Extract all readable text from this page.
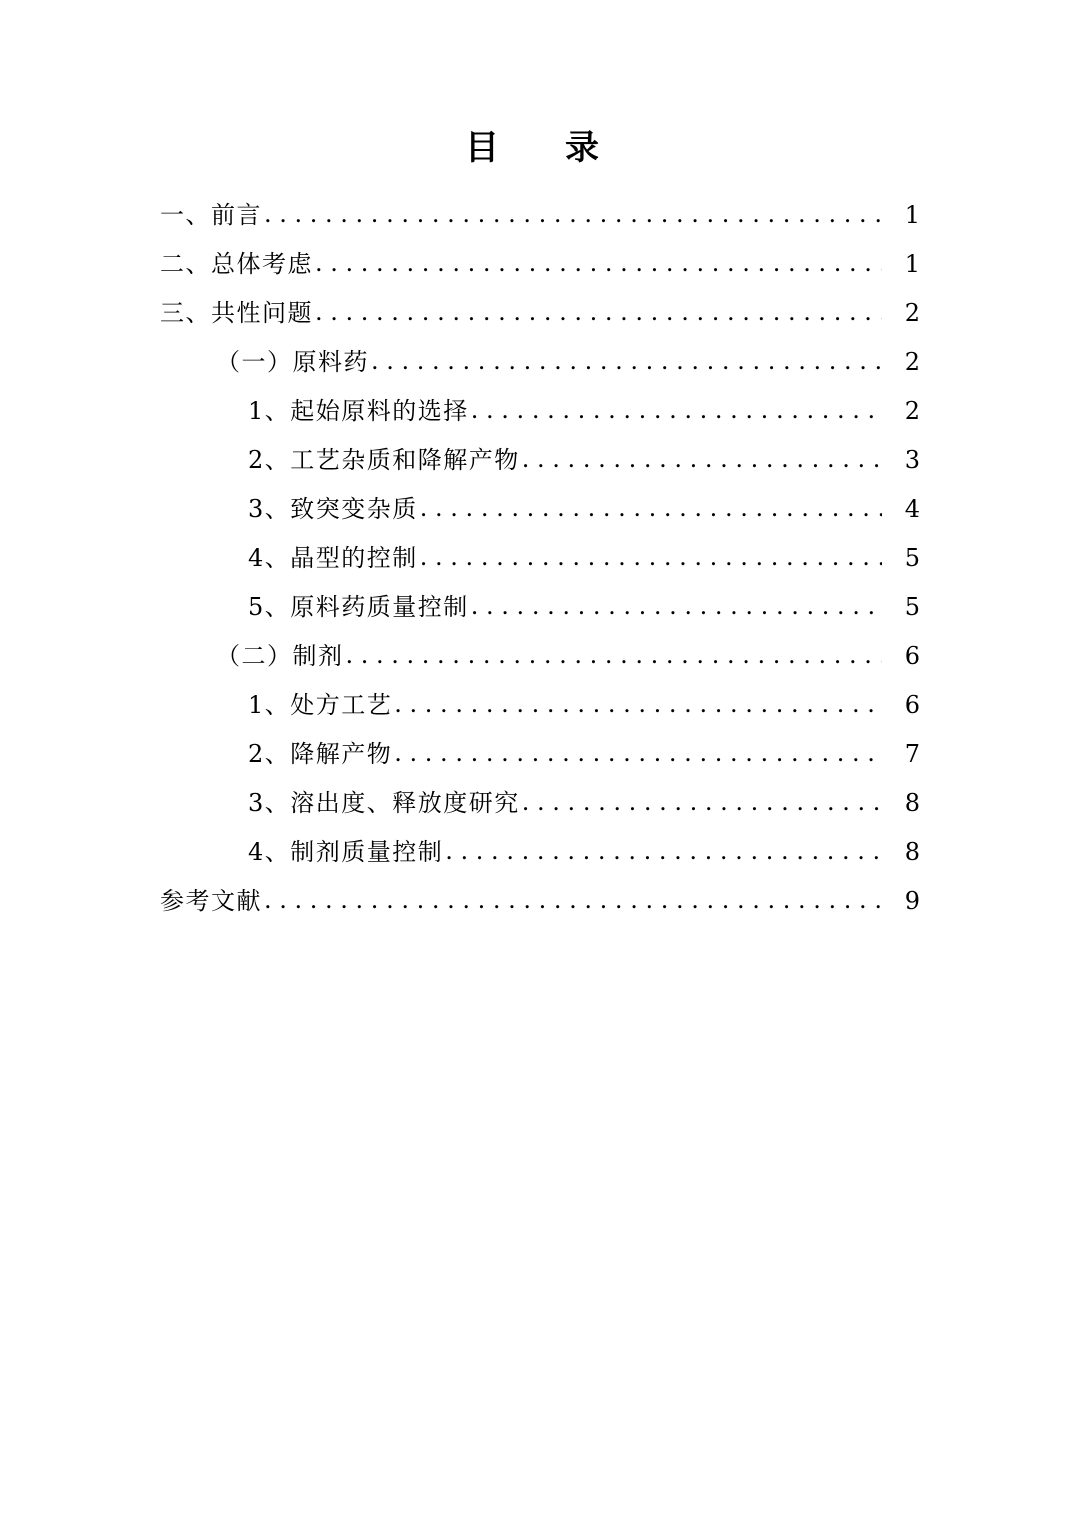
目　录
一、前言 . . .	1
二、总体考虑 . . .	1
三、共性问题 . . .	2
（一）原料药 . . .	2
1、起始原料的选择 . . .	2
2、工艺杂质和降解产物 . . .	3
3、致突变杂质 . . .	4
4、晶型的控制 . . .	5
5、原料药质量控制 . . .	5
（二）制剂 . . .	6
1、处方工艺 . . .	6
2、降解产物 . . .	7
3、溶出度、释放度研究 . . .	8
4、制剂质量控制 . . .	8
参考文献 . . .	9
